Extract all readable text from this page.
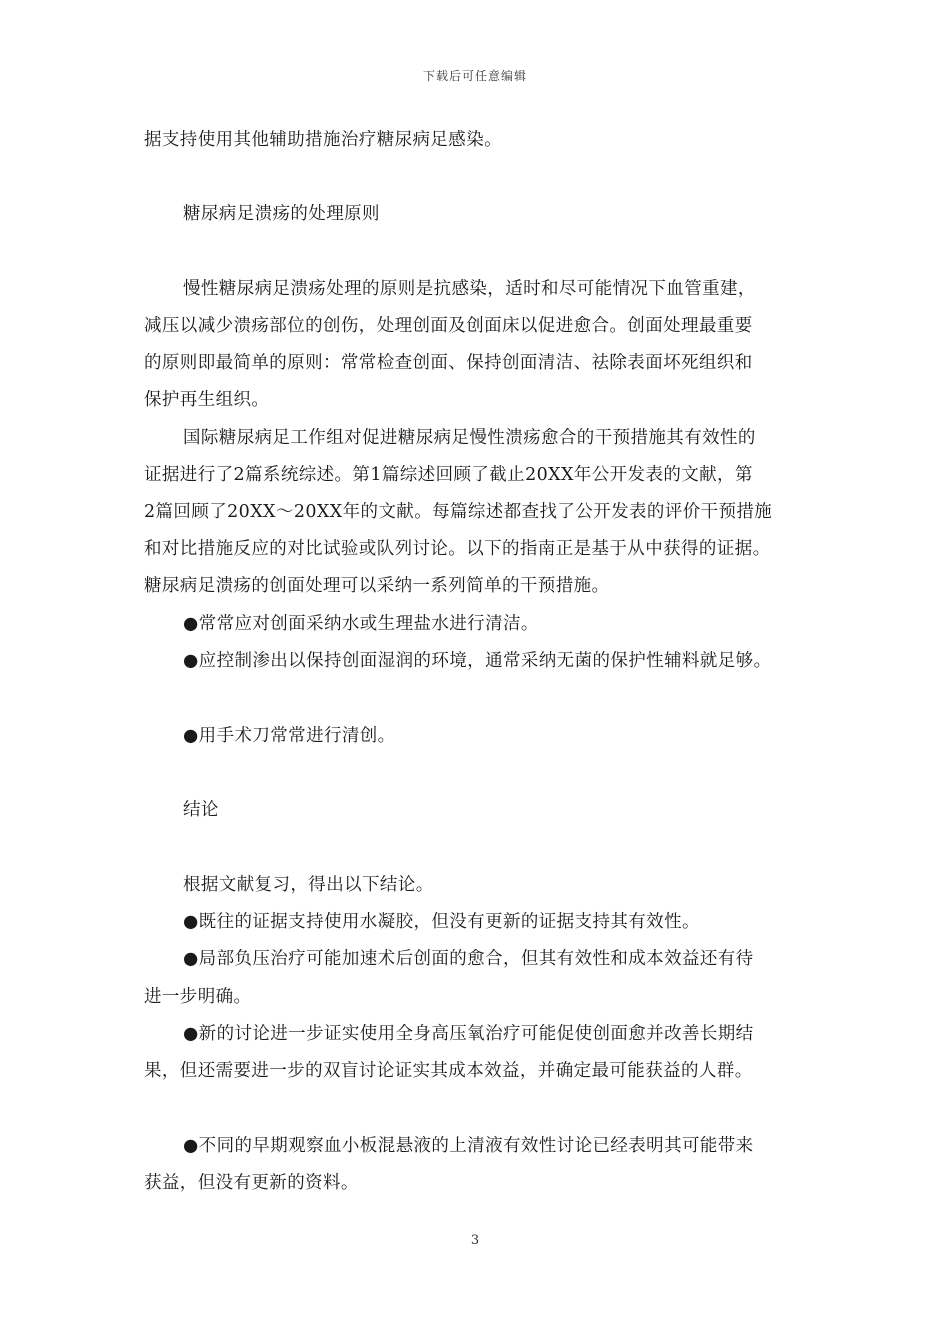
下载后可任意编辑
据支持使用其他辅助措施治疗糖尿病足感染。
糖尿病足溃疡的处理原则
慢性糖尿病足溃疡处理的原则是抗感染，适时和尽可能情况下血管重建，
减压以减少溃疡部位的创伤，处理创面及创面床以促进愈合。创面处理最重要
的原则即最简单的原则：常常检查创面、保持创面清洁、祛除表面坏死组织和
保护再生组织。
国际糖尿病足工作组对促进糖尿病足慢性溃疡愈合的干预措施其有效性的
证据进行了2篇系统综述。第1篇综述回顾了截止20XX年公开发表的文献，第
2篇回顾了20XX～20XX年的文献。每篇综述都查找了公开发表的评价干预措施
和对比措施反应的对比试验或队列讨论。以下的指南正是基于从中获得的证据。
糖尿病足溃疡的创面处理可以采纳一系列简单的干预措施。
●常常应对创面采纳水或生理盐水进行清洁。
●应控制渗出以保持创面湿润的环境，通常采纳无菌的保护性辅料就足够。
●用手术刀常常进行清创。
结论
根据文献复习，得出以下结论。
●既往的证据支持使用水凝胶，但没有更新的证据支持其有效性。
●局部负压治疗可能加速术后创面的愈合，但其有效性和成本效益还有待
进一步明确。
●新的讨论进一步证实使用全身高压氧治疗可能促使创面愈并改善长期结
果，但还需要进一步的双盲讨论证实其成本效益，并确定最可能获益的人群。
●不同的早期观察血小板混悬液的上清液有效性讨论已经表明其可能带来
获益，但没有更新的资料。
3
